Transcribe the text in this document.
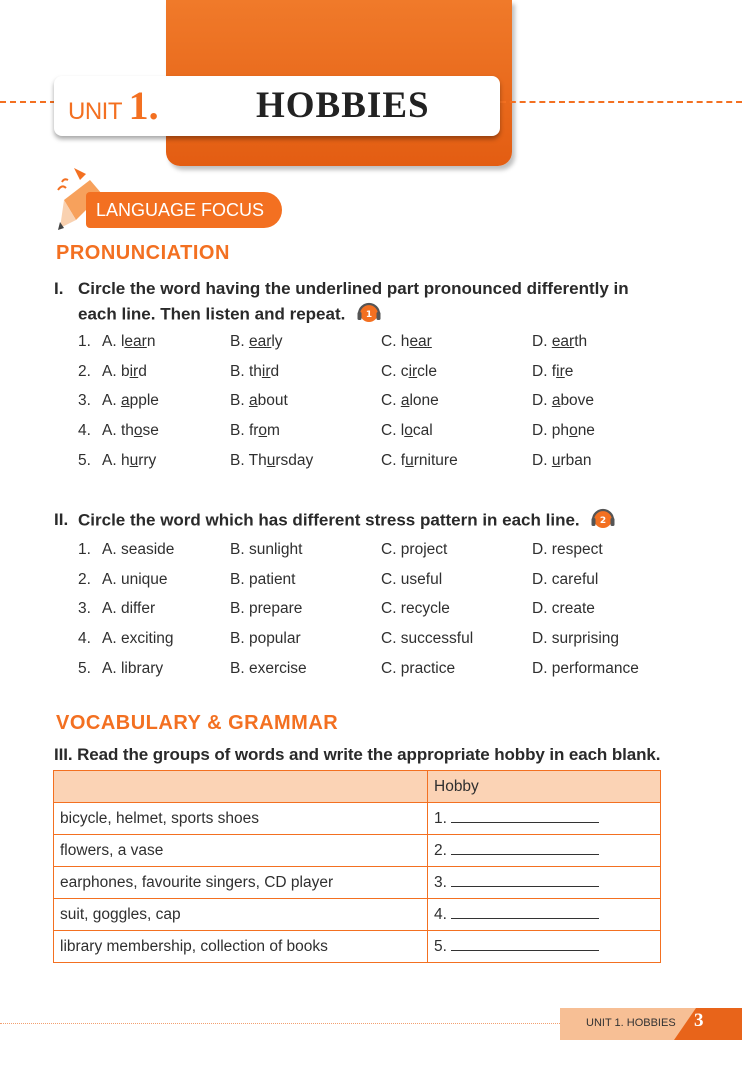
UNIT 1.	HOBBIES
LANGUAGE FOCUS
PRONUNCIATION
I. Circle the word having the underlined part pronounced differently in
each line. Then listen and repeat. 1
1. A. learn	B. early	C. hear	D. earth
2. A. bird	B. third	C. circle	D. fire
3. A. apple	B. about	C. alone	D. above
4. A. those	B. from	C. local	D. phone
5. A. hurry	B. Thursday	C. furniture	D. urban
II. Circle the word which has different stress pattern in each line. 2
1. A. seaside	B. sunlight	C. project	D. respect
2. A. unique	B. patient	C. useful	D. careful
3. A. differ	B. prepare	C. recycle	D. create
4. A. exciting	B. popular	C. successful	D. surprising
5. A. library	B. exercise	C. practice	D. performance
VOCABULARY & GRAMMAR
III. Read the groups of words and write the appropriate hobby in each blank.
	Hobby
bicycle, helmet, sports shoes	1.
flowers, a vase	2.
earphones, favourite singers, CD player	3.
suit, goggles, cap	4.
library membership, collection of books	5.
UNIT 1. HOBBIES 3
